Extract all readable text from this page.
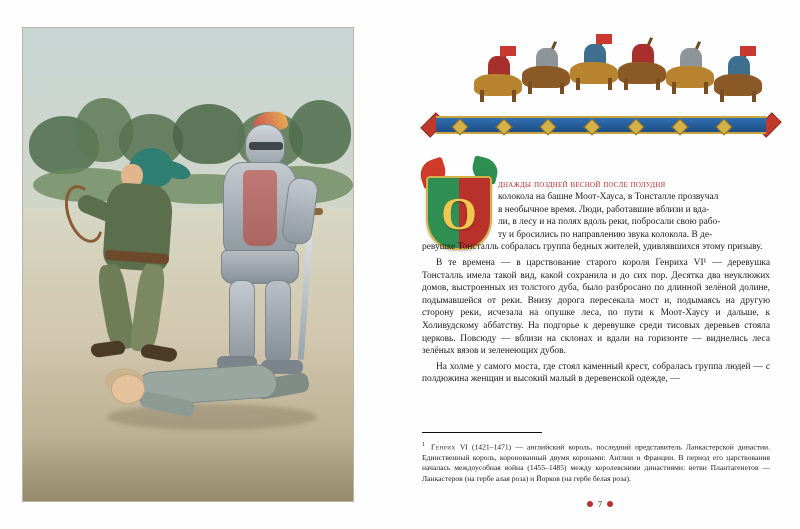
О
днажды позднeй весной после полудня

колокола на башне Моот-Хауса, в Тонсталле прозвучал

в необычное время. Люди, работавшие вблизи и вда-

ли, в лесу и на полях вдоль реки, побросали свою рабо-

ту и бросились по направлению звука колокола. В де-

ревушке Тонсталль собралась группа бедных жителей, удивлявшихся этому призыву.

В те времена — в царствование старого короля Генриха VI¹ — деревушка Тонсталль имела такой вид, какой сохранила и до сих пор. Десятка два неуклюжих домов, выстроенных из толстого дуба, было разбросано по длинной зелёной долине, подымавшейся от реки. Внизу дорога пересекала мост и, подымаясь на другую сторону реки, исчезала на опушке леса, по пути к Моот-Хаусу и дальше, к Холивудскому аббатству. На подгорье к деревушке среди тисовых деревьев стояла церковь. Повсюду — вблизи на склонах и вдали на горизонте — виднелись леса зелёных вязов и зеленеющих дубов.

На холме у самого моста, где стоял каменный крест, собралась группа людей — с полдюжина женщин и высокий малый в деревенской одежде, —

$^1$ Генрих VI (1421–1471) — английский король, последний представитель Ланкастерской династии. Единственный король, коронованный двумя коронами: Англии и Франции. В период его царствования началась междоусобная война (1455–1485) между королевскими династиями: ветви Плантагенетов — Ланкастеров (на гербе алая роза) и Йорков (на гербе белая роза).
7
